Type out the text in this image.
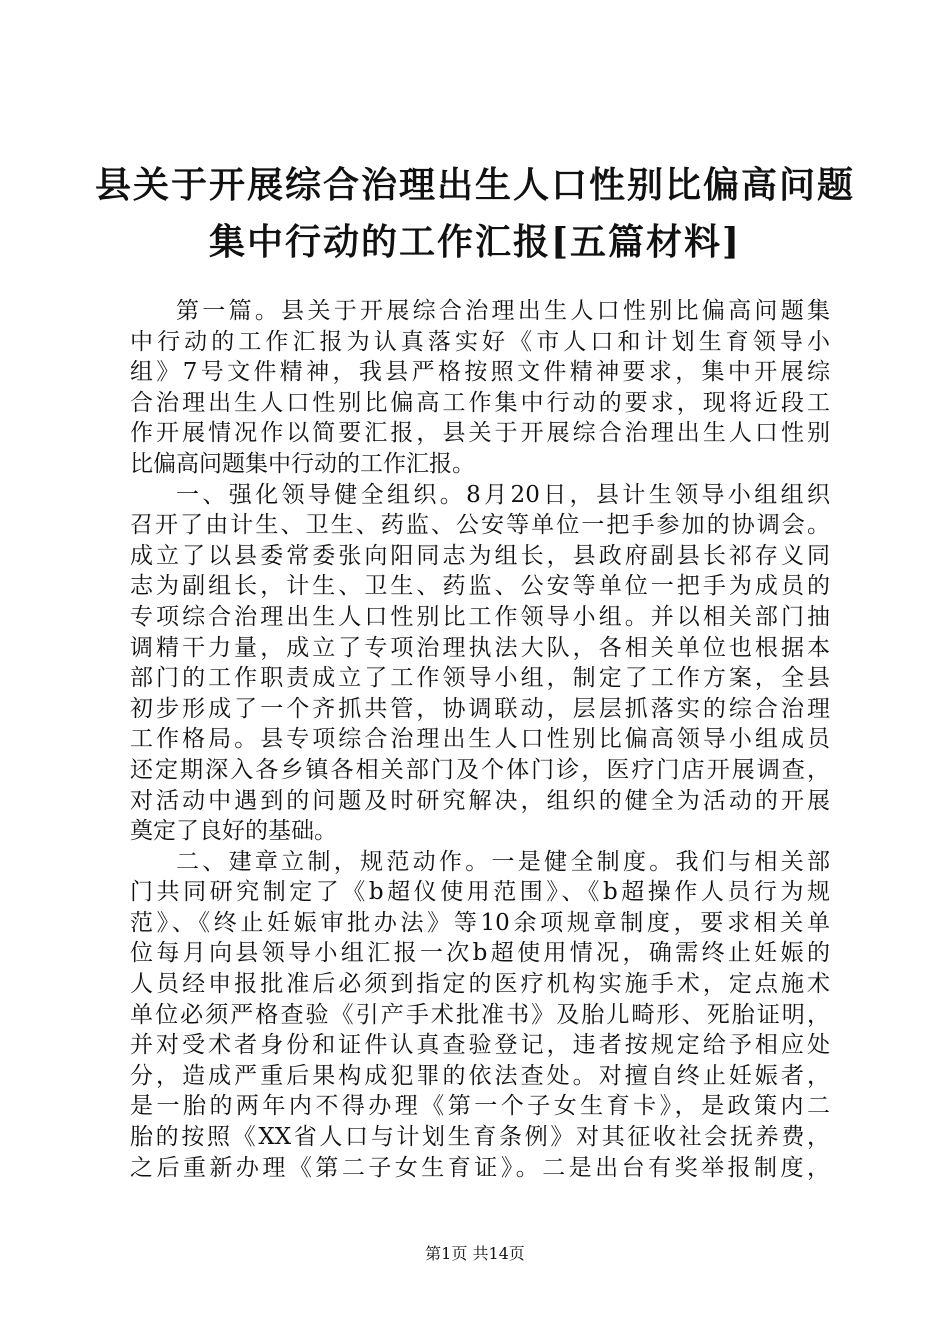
县关于开展综合治理出生人口性别比偏高问题
集中行动的工作汇报[五篇材料]
第一篇。县关于开展综合治理出生人口性别比偏高问题集
中行动的工作汇报为认真落实好《市人口和计划生育领导小
组》7号文件精神，我县严格按照文件精神要求，集中开展综
合治理出生人口性别比偏高工作集中行动的要求，现将近段工
作开展情况作以简要汇报，县关于开展综合治理出生人口性别
比偏高问题集中行动的工作汇报。
一、强化领导健全组织。8月20日，县计生领导小组组织
召开了由计生、卫生、药监、公安等单位一把手参加的协调会。
成立了以县委常委张向阳同志为组长，县政府副县长祁存义同
志为副组长，计生、卫生、药监、公安等单位一把手为成员的
专项综合治理出生人口性别比工作领导小组。并以相关部门抽
调精干力量，成立了专项治理执法大队，各相关单位也根据本
部门的工作职责成立了工作领导小组，制定了工作方案，全县
初步形成了一个齐抓共管，协调联动，层层抓落实的综合治理
工作格局。县专项综合治理出生人口性别比偏高领导小组成员
还定期深入各乡镇各相关部门及个体门诊，医疗门店开展调查，
对活动中遇到的问题及时研究解决，组织的健全为活动的开展
奠定了良好的基础。
二、建章立制，规范动作。一是健全制度。我们与相关部
门共同研究制定了《b超仪使用范围》、《b超操作人员行为规
范》、《终止妊娠审批办法》等10余项规章制度，要求相关单
位每月向县领导小组汇报一次b超使用情况，确需终止妊娠的
人员经申报批准后必须到指定的医疗机构实施手术，定点施术
单位必须严格查验《引产手术批准书》及胎儿畸形、死胎证明，
并对受术者身份和证件认真查验登记，违者按规定给予相应处
分，造成严重后果构成犯罪的依法查处。对擅自终止妊娠者，
是一胎的两年内不得办理《第一个子女生育卡》，是政策内二
胎的按照《XX省人口与计划生育条例》对其征收社会抚养费，
之后重新办理《第二子女生育证》。二是出台有奖举报制度，
第1页 共14页
